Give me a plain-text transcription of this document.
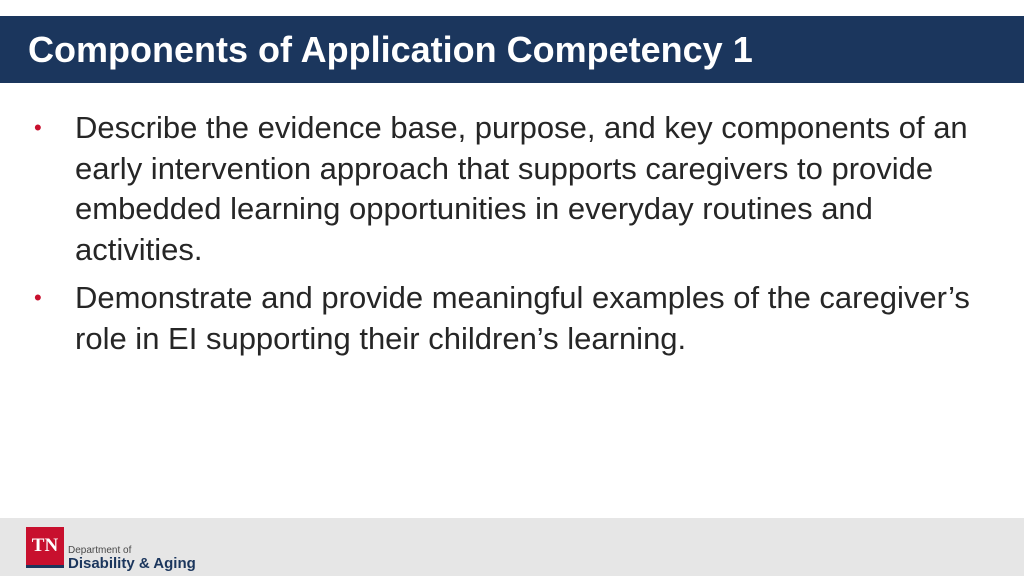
Components of Application Competency 1
• Describe the evidence base, purpose, and key components of an early intervention approach that supports caregivers to provide embedded learning opportunities in everyday routines and activities.
• Demonstrate and provide meaningful examples of the caregiver’s role in EI supporting their children’s learning.
TN Department of
Disability & Aging
